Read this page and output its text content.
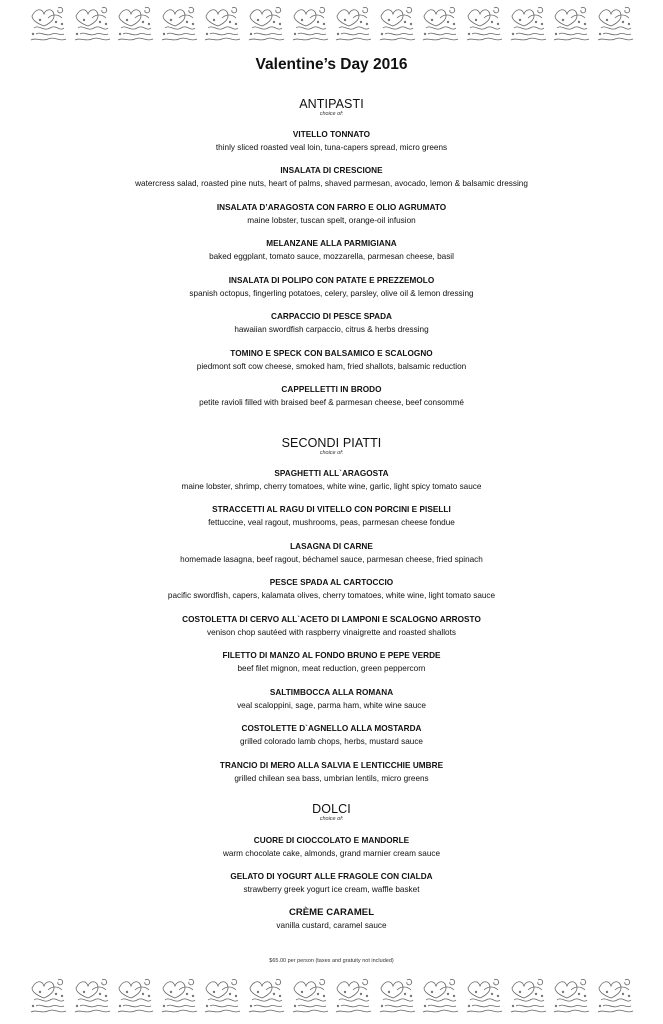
Valentine’s Day 2016
ANTIPASTI
choice of:
VITELLO TONNATO
thinly sliced roasted veal loin, tuna-capers spread, micro greens
INSALATA DI CRESCIONE
watercress salad, roasted pine nuts, heart of palms, shaved parmesan, avocado, lemon & balsamic dressing
INSALATA D’ARAGOSTA CON FARRO E OLIO AGRUMATO
maine lobster, tuscan spelt, orange-oil infusion
MELANZANE ALLA PARMIGIANA
baked eggplant, tomato sauce, mozzarella, parmesan cheese, basil
INSALATA DI POLIPO CON PATATE E PREZZEMOLO
spanish octopus, fingerling potatoes, celery, parsley, olive oil & lemon dressing
CARPACCIO DI PESCE SPADA
hawaiian swordfish carpaccio, citrus & herbs dressing
TOMINO E SPECK CON BALSAMICO E SCALOGNO
piedmont soft cow cheese, smoked ham, fried shallots, balsamic reduction
CAPPELLETTI IN BRODO
petite ravioli filled with braised beef & parmesan cheese, beef consommé
SECONDI PIATTI
choice of:
SPAGHETTI ALL`ARAGOSTA
maine lobster, shrimp, cherry tomatoes, white wine, garlic, light spicy tomato sauce
STRACCETTI AL RAGU DI VITELLO CON PORCINI E PISELLI
fettuccine, veal ragout, mushrooms, peas, parmesan cheese fondue
LASAGNA DI CARNE
homemade lasagna, beef ragout, béchamel sauce, parmesan cheese, fried spinach
PESCE SPADA AL CARTOCCIO
pacific swordfish, capers, kalamata olives, cherry tomatoes, white wine, light tomato sauce
COSTOLETTA DI CERVO ALL`ACETO DI LAMPONI E SCALOGNO ARROSTO
venison chop sautéed with raspberry vinaigrette and roasted shallots
FILETTO DI MANZO AL FONDO BRUNO E PEPE VERDE
beef filet mignon, meat reduction, green peppercorn
SALTIMBOCCA ALLA ROMANA
veal scaloppini, sage, parma ham, white wine sauce
COSTOLETTE D`AGNELLO ALLA MOSTARDA
grilled colorado lamb chops, herbs, mustard sauce
TRANCIO DI MERO ALLA SALVIA E LENTICCHIE UMBRE
grilled chilean sea bass, umbrian lentils, micro greens
DOLCI
choice of:
CUORE DI CIOCCOLATO E MANDORLE
warm chocolate cake, almonds, grand marnier cream sauce
GELATO DI YOGURT ALLE FRAGOLE CON CIALDA
strawberry greek yogurt ice cream, waffle basket
CRÈME CARAMEL
vanilla custard, caramel sauce
$65.00 per person (taxes and gratuity not included)
